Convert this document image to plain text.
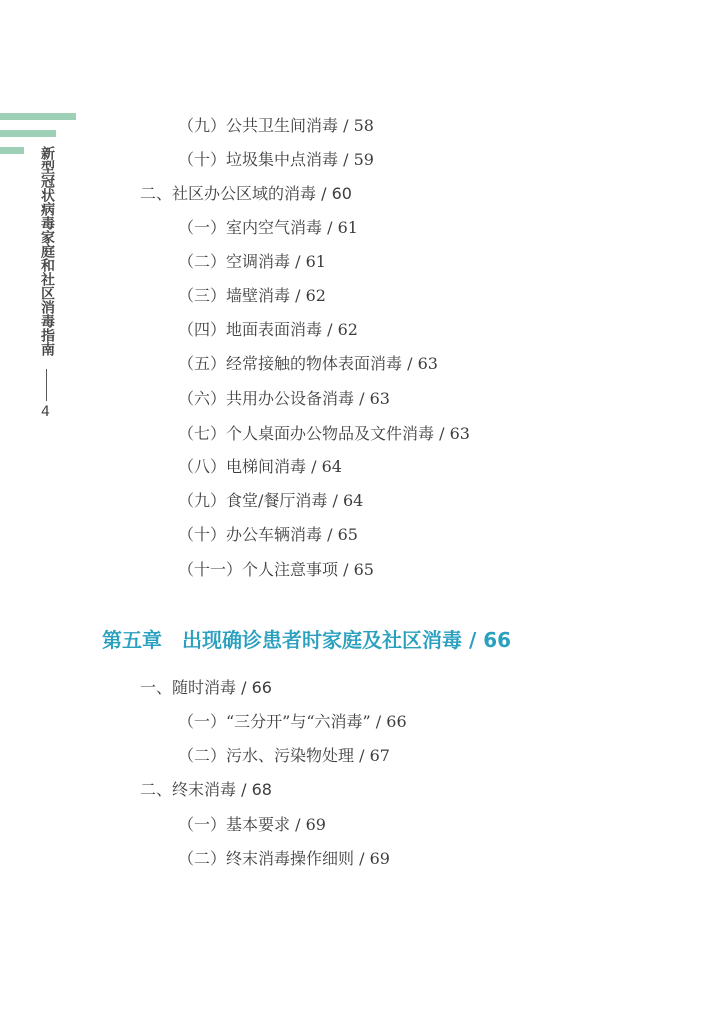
新型冠状病毒家庭和社区消毒指南
4
（九）公共卫生间消毒 / 58
（十）垃圾集中点消毒 / 59
二、社区办公区域的消毒 / 60
（一）室内空气消毒 / 61
（二）空调消毒 / 61
（三）墙壁消毒 / 62
（四）地面表面消毒 / 62
（五）经常接触的物体表面消毒 / 63
（六）共用办公设备消毒 / 63
（七）个人桌面办公物品及文件消毒 / 63
（八）电梯间消毒 / 64
（九）食堂/餐厅消毒 / 64
（十）办公车辆消毒 / 65
（十一）个人注意事项 / 65
第五章　出现确诊患者时家庭及社区消毒 / 66
一、随时消毒 / 66
（一）“三分开”与“六消毒” / 66
（二）污水、污染物处理 / 67
二、终末消毒 / 68
（一）基本要求 / 69
（二）终末消毒操作细则 / 69
